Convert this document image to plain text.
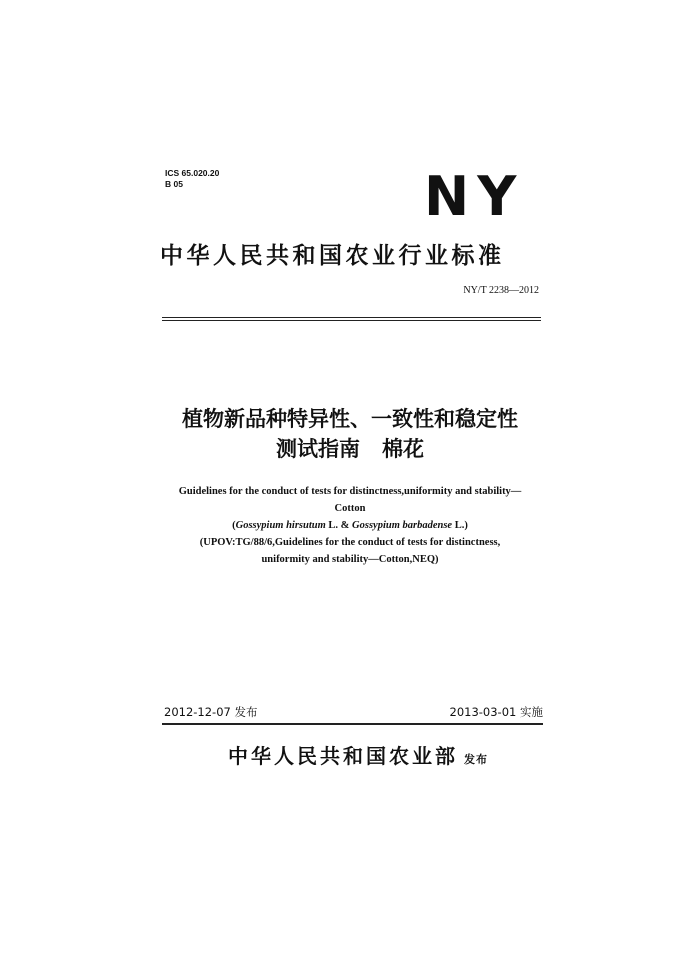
ICS 65.020.20
B 05	NY
中华人民共和国农业行业标准
NY/T 2238—2012
植物新品种特异性、一致性和稳定性
测试指南 棉花
Guidelines for the conduct of tests for distinctness,uniformity and stability—
Cotton
(Gossypium hirsutum L. & Gossypium barbadense L.)
(UPOV:TG/88/6,Guidelines for the conduct of tests for distinctness,
uniformity and stability—Cotton,NEQ)
2012-12-07 发布	2013-03-01 实施
中华人民共和国农业部 发布
